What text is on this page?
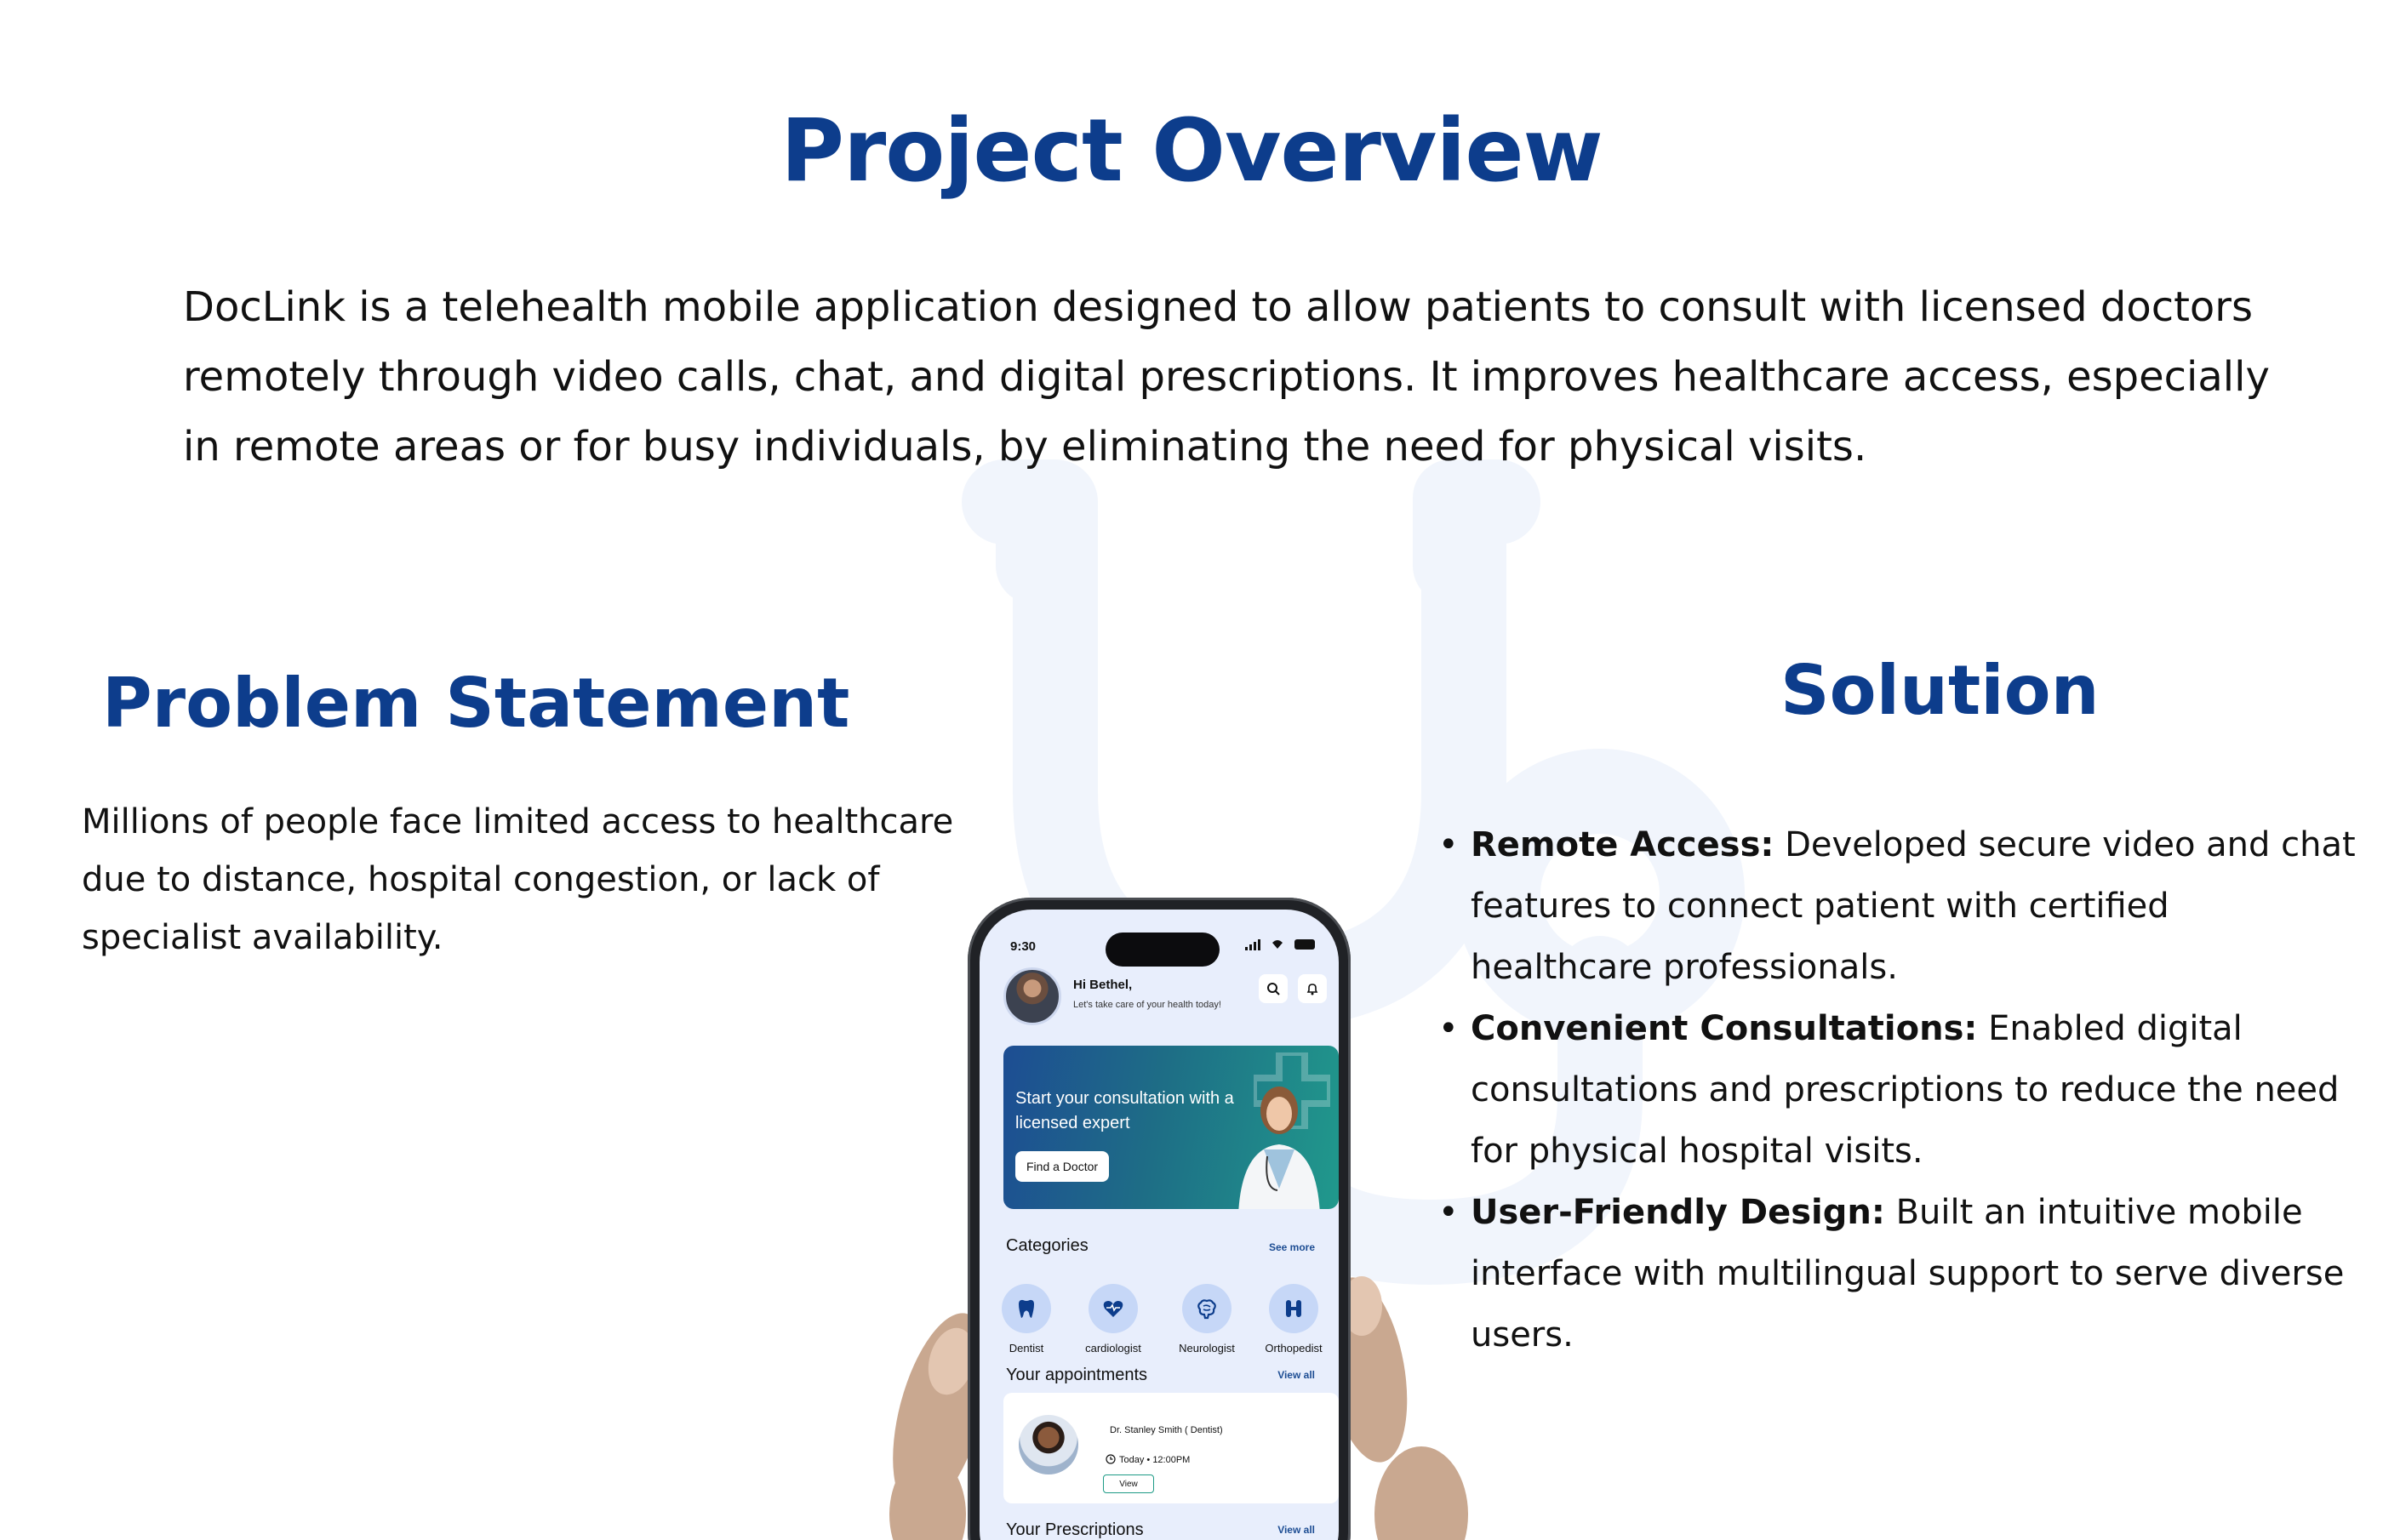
Project Overview

DocLink is a telehealth mobile application designed to allow patients to consult with licensed doctors remotely through video calls, chat, and digital prescriptions. It improves healthcare access, especially in remote areas or for busy individuals, by eliminating the need for physical visits.

Problem Statement

Millions of people face limited access to healthcare due to distance, hospital congestion, or lack of specialist availability.

Solution
• Remote Access: Developed secure video and chat features to connect patient with certified healthcare professionals.
• Convenient Consultations: Enabled digital consultations and prescriptions to reduce the need for physical hospital visits.
• User-Friendly Design: Built an intuitive mobile interface with multilingual support to serve diverse users.
9:30
Hi Bethel,
Let's take care of your health today!

Start your consultation with a licensed expert

Find a Doctor
Categories	See more
Dentist	cardiologist	Neurologist	Orthopedist
Your appointments	View all
Dr. Stanley Smith ( Dentist)
Today • 12:00PM
View
Your Prescriptions	View all
